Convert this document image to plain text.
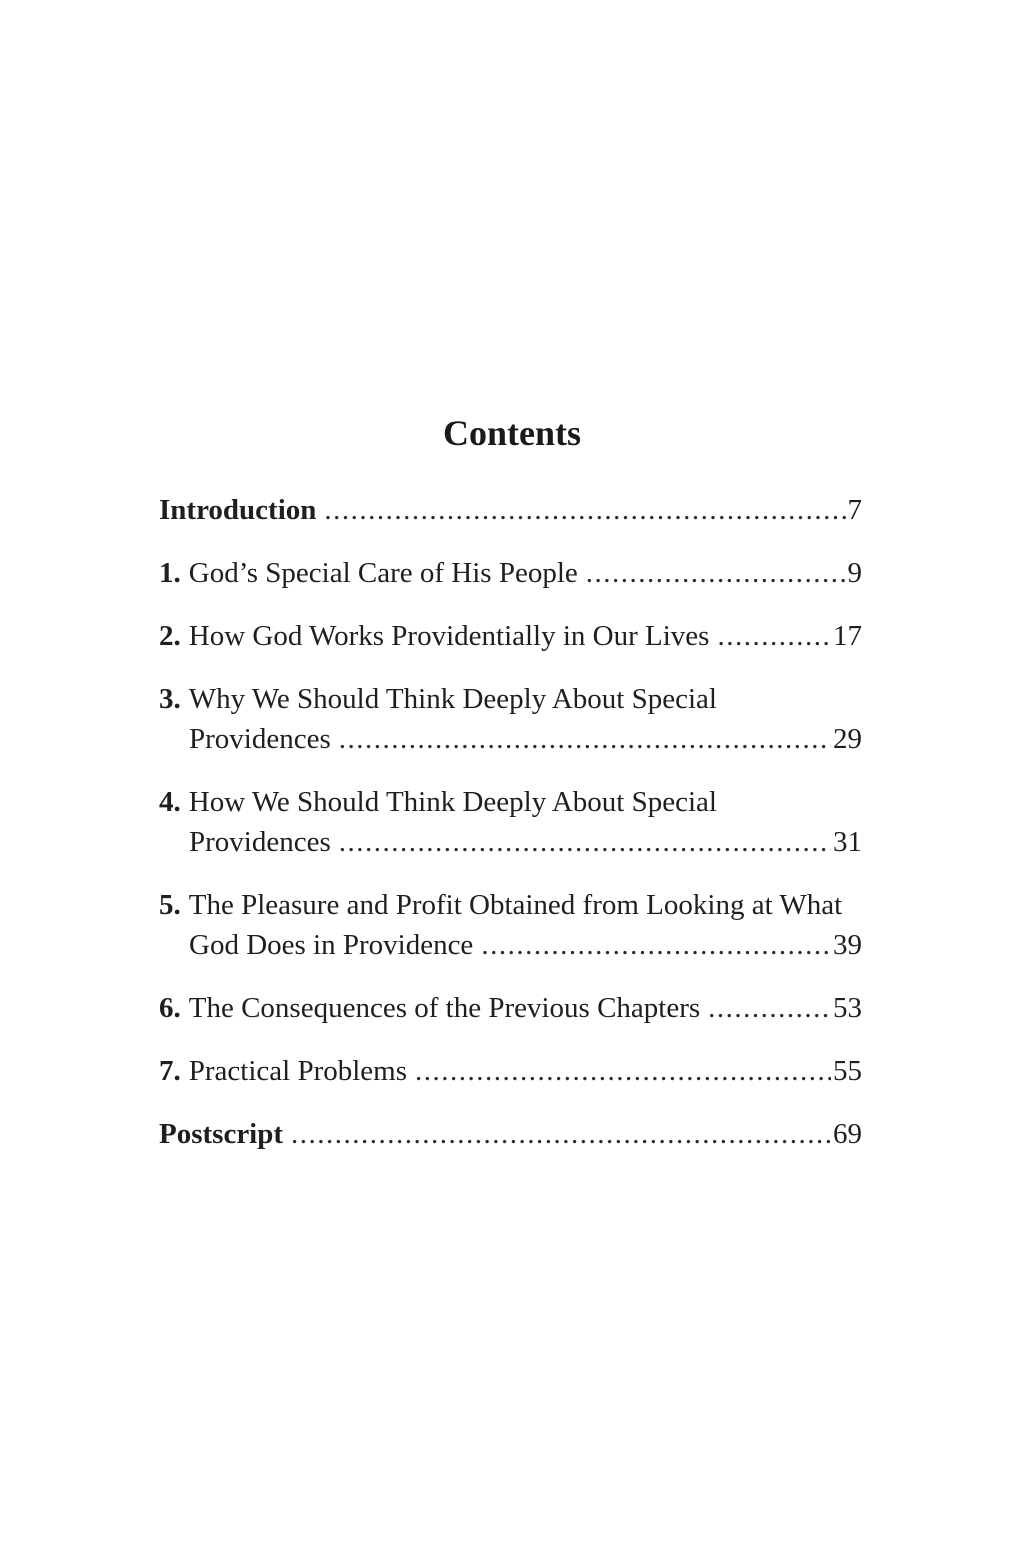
Contents
Introduction .....	7
1. God’s Special Care of His People .....	9
2. How God Works Providentially in Our Lives .....	17
3. Why We Should Think Deeply About Special
Providences .....	29
4. How We Should Think Deeply About Special
Providences .....	31
5. The Pleasure and Profit Obtained from Looking at What
God Does in Providence .....	39
6. The Consequences of the Previous Chapters .....	53
7. Practical Problems .....	55
Postscript .....	69
